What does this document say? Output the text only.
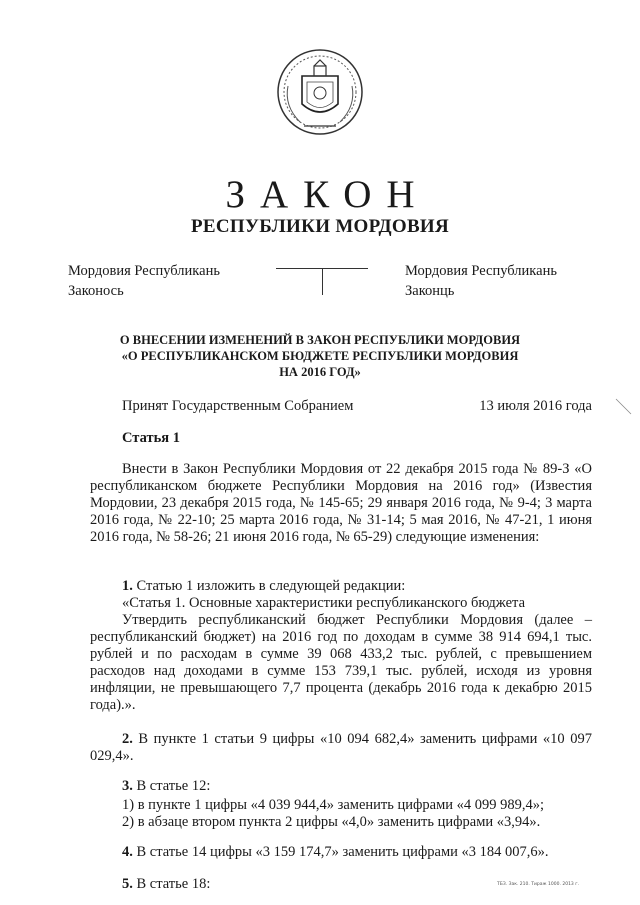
ЗАКОН
РЕСПУБЛИКИ МОРДОВИЯ
Мордовия Республикань
Законось
Мордовия Республикань
Законць
О ВНЕСЕНИИ ИЗМЕНЕНИЙ В ЗАКОН РЕСПУБЛИКИ МОРДОВИЯ
«О РЕСПУБЛИКАНСКОМ БЮДЖЕТЕ РЕСПУБЛИКИ МОРДОВИЯ
НА 2016 ГОД»
Принят Государственным Собранием	13 июля 2016 года
Статья 1
Внести в Закон Республики Мордовия от 22 декабря 2015 года № 89-З «О республиканском бюджете Республики Мордовия на 2016 год» (Известия Мордовии, 23 декабря 2015 года, № 145-65; 29 января 2016 года, № 9-4; 3 марта 2016 года, № 22-10; 25 марта 2016 года, № 31-14; 5 мая 2016, № 47-21, 1 июня 2016 года, № 58-26; 21 июня 2016 года, № 65-29) следующие изменения:
1. Статью 1 изложить в следующей редакции:
«Статья 1. Основные характеристики республиканского бюджета
Утвердить республиканский бюджет Республики Мордовия (далее – республиканский бюджет) на 2016 год по доходам в сумме 38 914 694,1 тыс. рублей и по расходам в сумме 39 068 433,2 тыс. рублей, с превышением расходов над доходами в сумме 153 739,1 тыс. рублей, исходя из уровня инфляции, не превышающего 7,7 процента (декабрь 2016 года к декабрю 2015 года).».
2. В пункте 1 статьи 9 цифры «10 094 682,4» заменить цифрами «10 097 029,4».
3. В статье 12:
1) в пункте 1 цифры «4 039 944,4» заменить цифрами «4 099 989,4»;
2) в абзаце втором пункта 2 цифры «4,0» заменить цифрами «3,94».
4. В статье 14 цифры «3 159 174,7» заменить цифрами «3 184 007,6».
5. В статье 18:	ТБЗ. Зак. 210. Тираж 1000. 2013 г.
